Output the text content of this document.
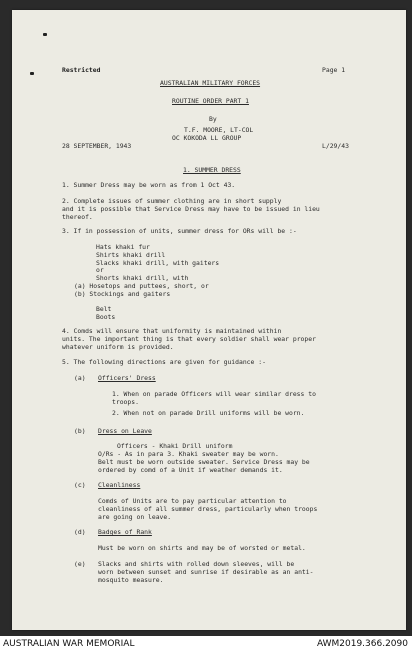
Restricted	Page 1
AUSTRALIAN MILITARY FORCES
ROUTINE ORDER PART 1
By
T.F. MOORE, LT-COL
OC KOKODA LL GROUP
28 SEPTEMBER, 1943	L/29/43
1. SUMMER DRESS
1. Summer Dress may be worn as from 1 Oct 43.
2. Complete issues of summer clothing are in short supply
and it is possible that Service Dress may have to be issued in lieu
thereof.
3. If in possession of units, summer dress for ORs will be :-
Hats khaki fur
Shirts khaki drill
Slacks khaki drill, with gaiters
or
Shorts khaki drill, with
(a) Hosetops and puttees, short, or
(b) Stockings and gaiters
Belt
Boots
4. Comds will ensure that uniformity is maintained within
units. The important thing is that every soldier shall wear proper
whatever uniform is provided.
5. The following directions are given for guidance :-
(a) Officers' Dress
1. When on parade Officers will wear similar dress to
troops.
2. When not on parade Drill uniforms will be worn.
(b) Dress on Leave
Officers - Khaki Drill uniform
O/Rs - As in para 3. Khaki sweater may be worn.
Belt must be worn outside sweater. Service Dress may be
ordered by comd of a Unit if weather demands it.
(c) Cleanliness
Comds of Units are to pay particular attention to
cleanliness of all summer dress, particularly when troops
are going on leave.
(d) Badges of Rank
Must be worn on shirts and may be of worsted or metal.
(e) Slacks and shirts with rolled down sleeves, will be
worn between sunset and sunrise if desirable as an anti-
mosquito measure.
AUSTRALIAN WAR MEMORIAL	AWM2019.366.2090
